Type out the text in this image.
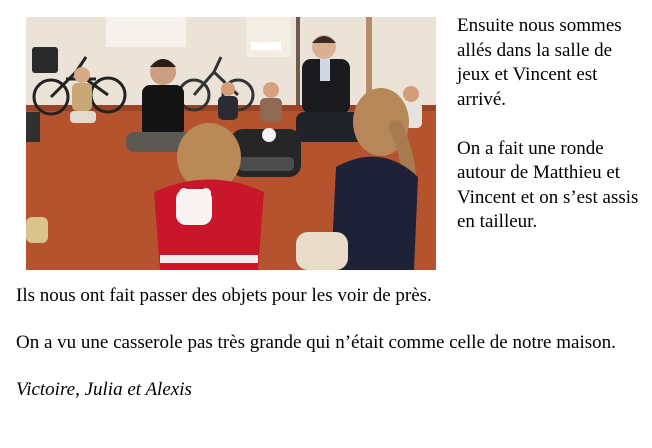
Ensuite nous sommes allés dans la salle de jeux et Vincent est arrivé.

On a fait une ronde autour de Matthieu et Vincent et on s’est assis en tailleur.

Ils nous ont fait passer des objets pour les voir de près.

On a vu une casserole pas très grande qui n’était comme celle de notre maison.

Victoire, Julia et Alexis
